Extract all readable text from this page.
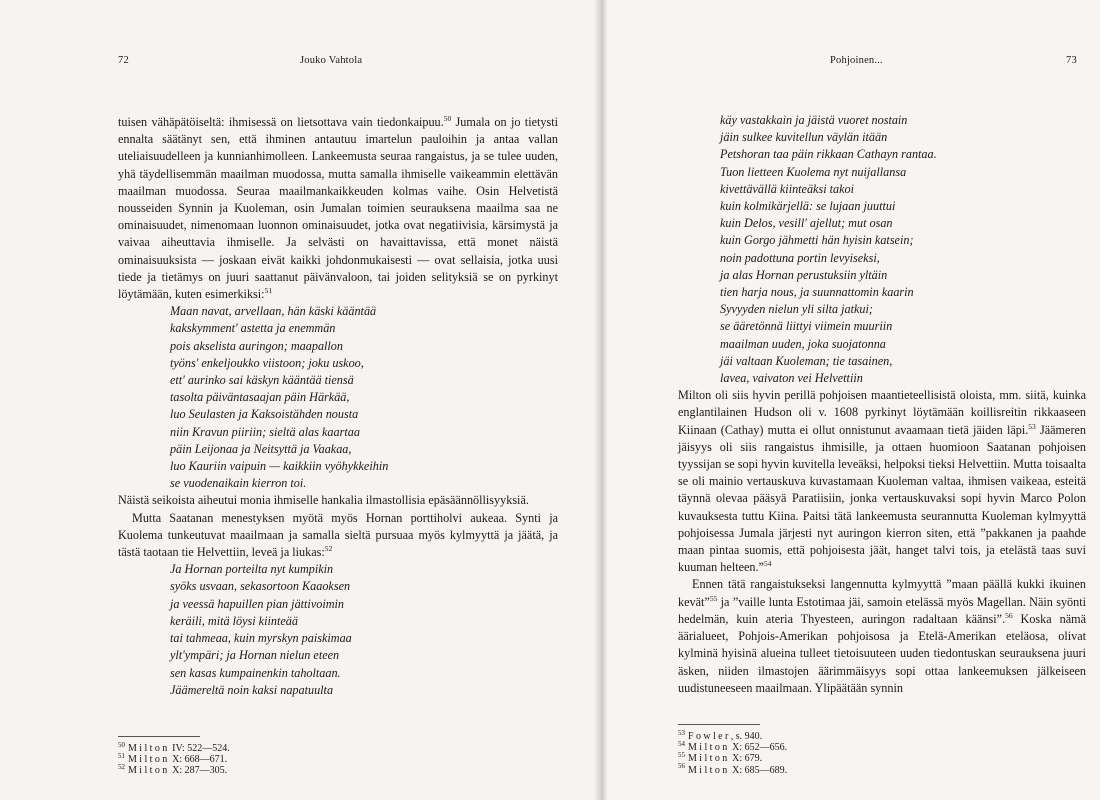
72	Jouko Vahtola

tuisen vähäpätöiseltä: ihmisessä on lietsottava vain tiedonkaipuu.$^{50}$ Jumala on jo tietysti ennalta säätänyt sen, että ihminen antautuu imartelun pauloihin ja antaa vallan uteliaisuudelleen ja kunnianhimolleen. Lankeemusta seuraa rangaistus, ja se tulee uuden, yhä täydellisemmän maailman muodossa, mutta samalla ihmiselle vaikeammin elettävän maailman muodossa. Seuraa maailmankaikkeuden kolmas vaihe. Osin Helvetistä nousseiden Synnin ja Kuoleman, osin Jumalan toimien seurauksena maailma saa ne ominaisuudet, nimenomaan luonnon ominaisuudet, jotka ovat negatiivisia, kärsimystä ja vaivaa aiheuttavia ihmiselle. Ja selvästi on havaittavissa, että monet näistä ominaisuuksista — joskaan eivät kaikki johdonmukaisesti — ovat sellaisia, jotka uusi tiede ja tietämys on juuri saattanut päivänvaloon, tai joiden selityksiä se on pyrkinyt löytämään, kuten esimerkiksi:$^{51}$

Maan navat, arvellaan, hän käski kääntää
kakskymment' astetta ja enemmän
pois akselista auringon; maapallon
työns' enkeljoukko viistoon; joku uskoo,
ett' aurinko sai käskyn kääntää tiensä
tasolta päiväntasaajan päin Härkää,
luo Seulasten ja Kaksoistähden nousta
niin Kravun piiriin; sieltä alas kaartaa
päin Leijonaa ja Neitsyttä ja Vaakaa,
luo Kauriin vaipuin — kaikkiin vyöhykkeihin
se vuodenaikain kierron toi.

Näistä seikoista aiheutui monia ihmiselle hankalia ilmastollisia epäsäännöllisyyksiä.

Mutta Saatanan menestyksen myötä myös Hornan porttiholvi aukeaa. Synti ja Kuolema tunkeutuvat maailmaan ja samalla sieltä pursuaa myös kylmyyttä ja jäätä, ja tästä taotaan tie Helvettiin, leveä ja liukas:$^{52}$

Ja Hornan porteilta nyt kumpikin
syöks usvaan, sekasortoon Kaaoksen
ja veessä hapuillen pian jättivoimin
keräili, mitä löysi kiinteää
tai tahmeaa, kuin myrskyn paiskimaa
ylt'ympäri; ja Hornan nielun eteen
sen kasas kumpainenkin taholtaan.
Jäämereltä noin kaksi napatuulta
$^{50}$ Milton IV: 522—524.
$^{51}$ Milton X: 668—671.
$^{52}$ Milton X: 287—305.
Pohjoinen...	73
käy vastakkain ja jäistä vuoret nostain
jäin sulkee kuvitellun väylän itään
Petshoran taa päin rikkaan Cathayn rantaa.
Tuon lietteen Kuolema nyt nuijallansa
kivettävällä kiinteäksi takoi
kuin kolmikärjellä: se lujaan juuttui
kuin Delos, vesill' ajellut; mut osan
kuin Gorgo jähmetti hän hyisin katsein;
noin padottuna portin levyiseksi,
ja alas Hornan perustuksiin yltäin
tien harja nous, ja suunnattomin kaarin
Syvyyden nielun yli silta jatkui;
se ääretönnä liittyi viimein muuriin
maailman uuden, joka suojatonna
jäi valtaan Kuoleman; tie tasainen,
lavea, vaivaton vei Helvettiin

Milton oli siis hyvin perillä pohjoisen maantieteellisistä oloista, mm. siitä, kuinka englantilainen Hudson oli v. 1608 pyrkinyt löytämään koillisreitin rikkaaseen Kiinaan (Cathay) mutta ei ollut onnistunut avaamaan tietä jäiden läpi.$^{53}$ Jäämeren jäisyys oli siis rangaistus ihmisille, ja ottaen huomioon Saatanan pohjoisen tyyssijan se sopi hyvin kuvitella leveäksi, helpoksi tieksi Helvettiin. Mutta toisaalta se oli mainio vertauskuva kuvastamaan Kuoleman valtaa, ihmisen vaikeaa, esteitä täynnä olevaa pääsyä Paratiisiin, jonka vertauskuvaksi sopi hyvin Marco Polon kuvauksesta tuttu Kiina. Paitsi tätä lankeemusta seurannutta Kuoleman kylmyyttä pohjoisessa Jumala järjesti nyt auringon kierron siten, että ”pakkanen ja paahde maan pintaa suomis, että pohjoisesta jäät, hanget talvi tois, ja etelästä taas suvi kuuman helteen.”$^{54}$

Ennen tätä rangaistukseksi langennutta kylmyyttä ”maan päällä kukki ikuinen kevät”$^{55}$ ja ”vaille lunta Estotimaa jäi, samoin etelässä myös Magellan. Näin syönti hedelmän, kuin ateria Thyesteen, auringon radaltaan käänsi”.$^{56}$ Koska nämä äärialueet, Pohjois-Amerikan pohjoisosa ja Etelä-Amerikan eteläosa, olivat kylminä hyisinä alueina tulleet tietoisuuteen uuden tiedontuskan seurauksena juuri äsken, niiden ilmastojen äärimmäisyys sopi ottaa lankeemuksen jälkeiseen uudistuneeseen maailmaan. Ylipäätään synnin

$^{53}$ Fowler, s. 940.
$^{54}$ Milton X: 652—656.
$^{55}$ Milton X: 679.
$^{56}$ Milton X: 685—689.
